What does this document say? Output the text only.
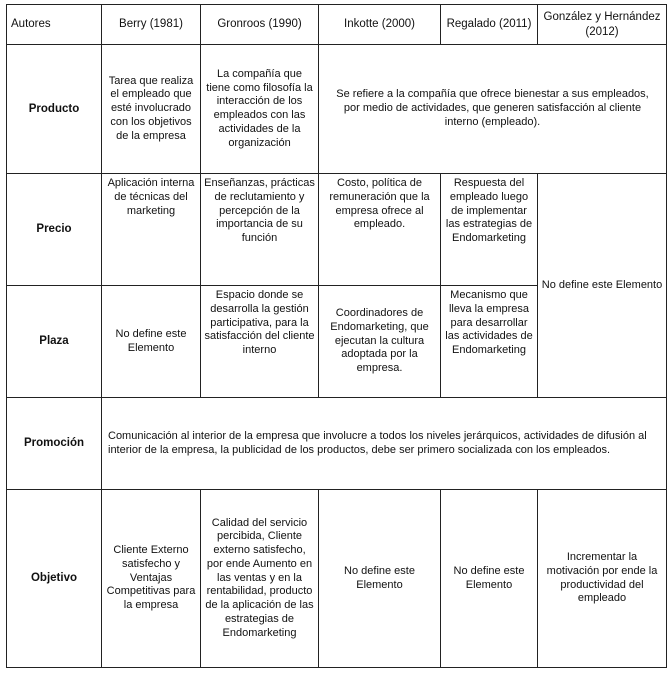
Autores	Berry (1981)	Gronroos (1990)	Inkotte (2000)	Regalado (2011)	González y Hernández (2012)
Producto	Tarea que realiza el empleado que esté involucrado con los objetivos de la empresa	La compañía que tiene como filosofía la interacción de los empleados con las actividades de la organización	Se refiere a la compañía que ofrece bienestar a sus empleados, por medio de actividades, que generen satisfacción al cliente interno (empleado).		
Precio	Aplicación interna de técnicas del marketing	Enseñanzas, prácticas de reclutamiento y percepción de la importancia de su función	Costo, política de remuneración que la empresa ofrece al empleado.	Respuesta del empleado luego de implementar las estrategias de Endomarketing	No define este Elemento
Plaza	No define este Elemento	Espacio donde se desarrolla la gestión participativa, para la satisfacción del cliente interno	Coordinadores de Endomarketing, que ejecutan la cultura adoptada por la empresa.	Mecanismo que lleva la empresa para desarrollar las actividades de Endomarketing	
Promoción	Comunicación al interior de la empresa que involucre a todos los niveles jerárquicos, actividades de difusión al interior de la empresa, la publicidad de los productos, debe ser primero socializada con los empleados.				
Objetivo	Cliente Externo satisfecho y Ventajas Competitivas para la empresa	Calidad del servicio percibida, Cliente externo satisfecho, por ende Aumento en las ventas y en la rentabilidad, producto de la aplicación de las estrategias de Endomarketing	No define este Elemento	No define este Elemento	Incrementar la motivación por ende la productividad del empleado
